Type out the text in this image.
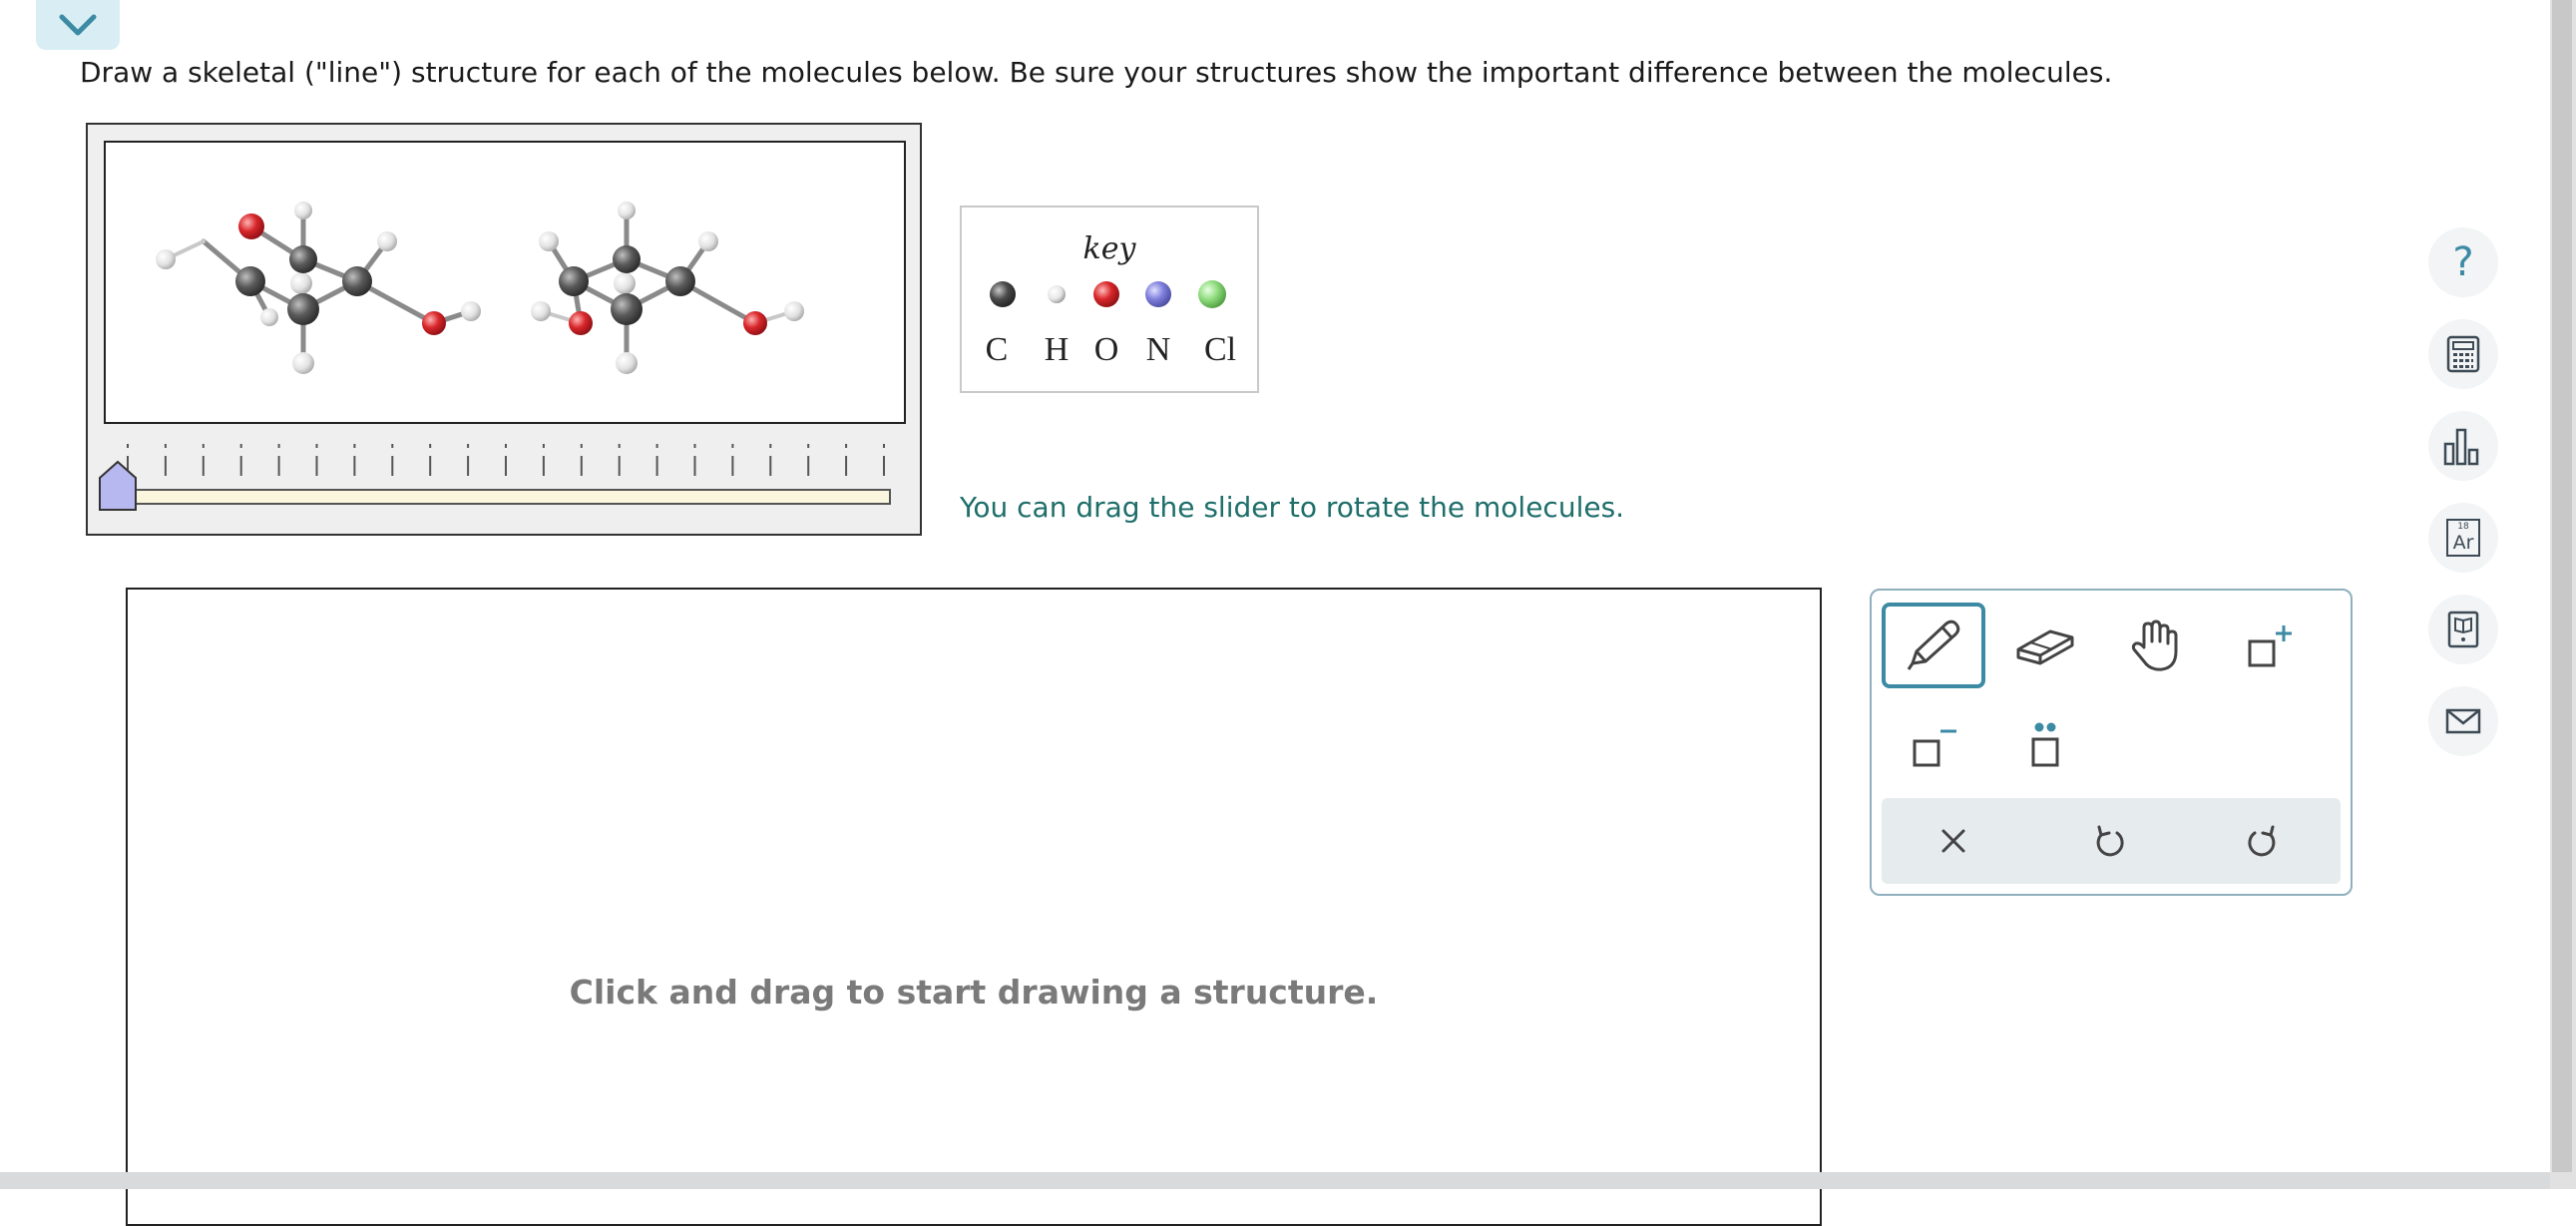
Draw a skeletal ("line") structure for each of the molecules below. Be sure your structures show the important difference between the molecules.
key
C H O N Cl
You can drag the slider to rotate the molecules.
Click and drag to start drawing a structure.
?
18
Ar
